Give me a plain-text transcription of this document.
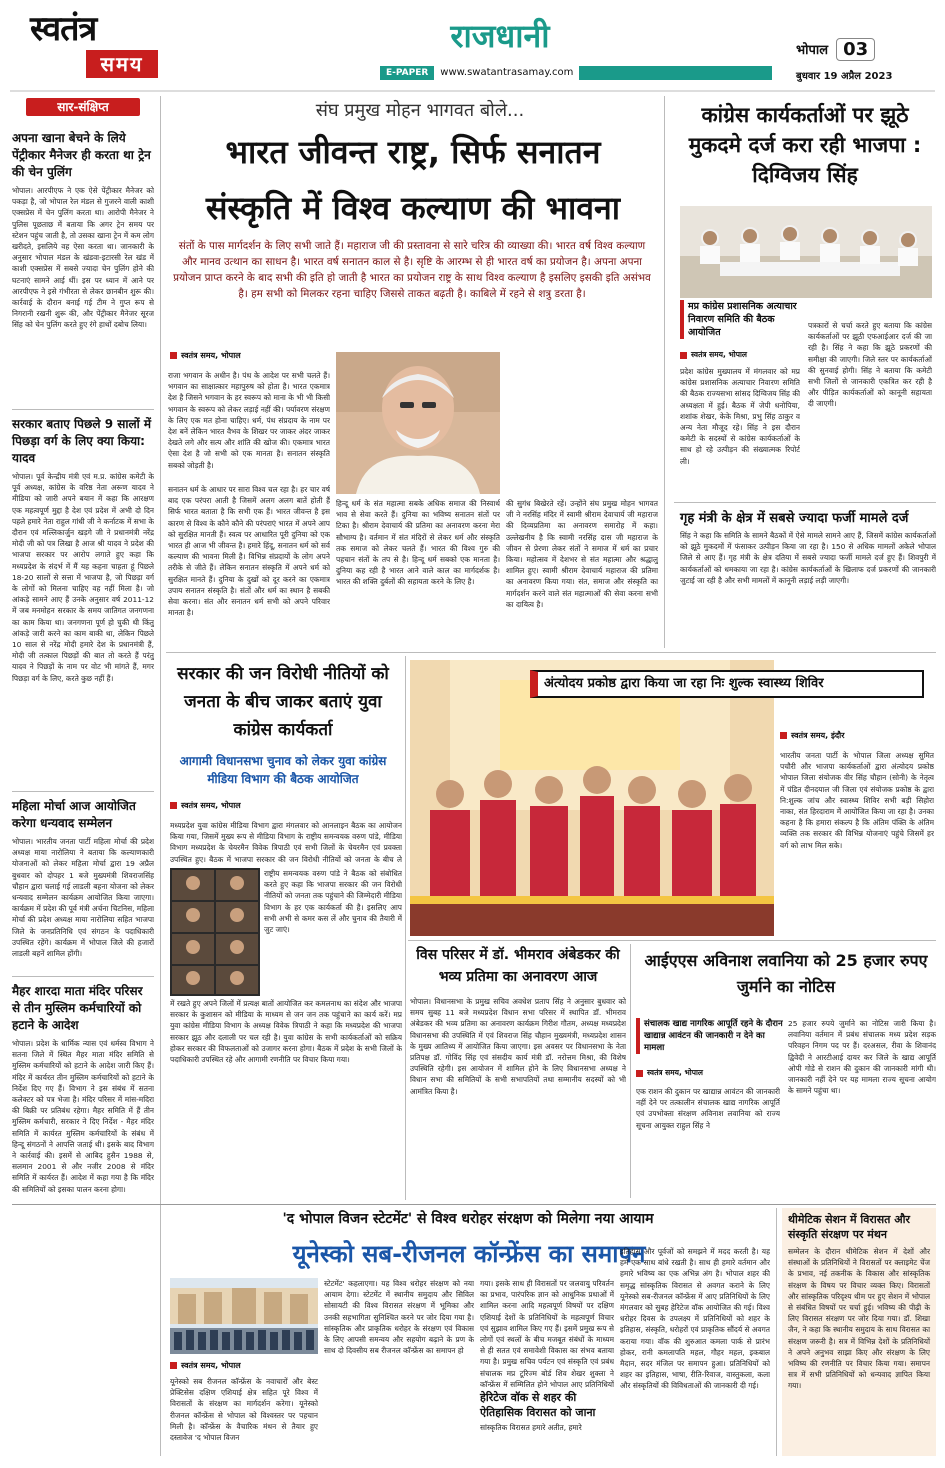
स्वतंत्र
समय
राजधानी
E-PAPER	www.swatantrasamay.com
भोपाल 03
बुधवार 19 अप्रैल 2023
सार-संक्षिप्त
अपना खाना बेचने के लिये पेंट्रीकार मैनेजर ही करता था ट्रेन की चेन पुलिंग
भोपाल। आरपीएफ ने एक ऐसे पेंट्रीकार मैनेजर को पकड़ा है, जो भोपाल रेल मंडल से गुजरने वाली काशी एक्सप्रेस में चेन पुलिंग करता था। आरोपी मैनेजर ने पुलिस पूछताछ में बताया कि अगर ट्रेन समय पर स्टेशन पहुंच जाती है, तो उसका खाना ट्रेन में कम लोग खरीदते, इसलिये वह ऐसा करता था। जानकारी के अनुसार भोपाल मंडल के खंडवा-इटारसी रेल खंड में काशी एक्सप्रेस में सबसे ज्यादा चेन पुलिंग होने की घटनाएं सामने आई थीं। इस पर ध्यान में आने पर आरपीएफ ने इसे गंभीरता से लेकर छानबीन शुरू की। कार्रवाई के दौरान बनाई गई टीम ने गुप्त रूप से निगरानी रखनी शुरू की, और पेंट्रीकार मैनेजर सूरज सिंह को चेन पुलिंग करते हुए रंगे हाथों दबोच लिया।
सरकार बताए पिछले 9 सालों में पिछड़ा वर्ग के लिए क्या किया: यादव
भोपाल। पूर्व केन्द्रीय मंत्री एवं म.प्र. कांग्रेस कमेटी के पूर्व अध्यक्ष, कांग्रेस के वरिष्ठ नेता अरूण यादव ने मीडिया को जारी अपने बयान में कहा कि आरक्षण एक महत्वपूर्ण मुद्दा है देश एवं प्रदेश में अभी दो दिन पहले हमारे नेता राहुल गांधी जी ने कर्नाटक में सभा के दौरान एवं मल्लिकार्जुन खड़गे जी ने प्रधानमंत्री नरेंद्र मोदी जी को पत्र लिखा है आज श्री यादव ने प्रदेश की भाजपा सरकार पर आरोप लगाते हुए कहा कि मध्यप्रदेश के संदर्भ में मैं यह कहना चाहता हूं पिछले 18-20 सालों से सत्ता में भाजपा है, जो पिछड़ा वर्ग के लोगों को मिलना चाहिए वह नहीं मिला है। जो आंकड़े सामने आए हैं उनके अनुसार वर्ष 2011-12 में जब मनमोहन सरकार के समय जातिगत जनगणना का काम किया था। जनगणना पूर्ण हो चुकी थी किंतु आंकड़े जारी करने का काम बाकी था, लेकिन पिछले 10 साल से नरेंद्र मोदी हमारे देश के प्रधानमंत्री हैं, मोदी जी तत्काल पिछड़ों की बात तो करते हैं परंतु यादव ने पिछड़ों के नाम पर वोट भी मांगते हैं, मगर पिछड़ा वर्ग के लिए, करते कुछ नहीं हैं।
महिला मोर्चा आज आयोजित करेगा धन्यवाद सम्मेलन
भोपाल। भारतीय जनता पार्टी महिला मोर्चा की प्रदेश अध्यक्ष माया नारोलिया ने बताया कि कल्याणकारी योजनाओं को लेकर महिला मोर्चा द्वारा 19 अप्रैल बुधवार को दोपहर 1 बजे मुख्यमंत्री शिवराजसिंह चौहान द्वारा चलाई गई लाडली बहना योजना को लेकर धन्यवाद सम्मेलन कार्यक्रम आयोजित किया जाएगा। कार्यक्रम में प्रदेश की पूर्व मंत्री अर्चना चिटनिस, महिला मोर्चा की प्रदेश अध्यक्ष माया नारोलिया सहित भाजपा जिले के जनप्रतिनिधि एवं संगठन के पदाधिकारी उपस्थित रहेंगे। कार्यक्रम में भोपाल जिले की हजारों लाडली बहनें शामिल होंगी।
मैहर शारदा माता मंदिर परिसर से तीन मुस्लिम कर्मचारियों को हटाने के आदेश
भोपाल। प्रदेश के धार्मिक न्यास एवं धर्मस्व विभाग ने सतना जिले में स्थित मैहर माता मंदिर समिति से मुस्लिम कर्मचारियों को हटाने के आदेश जारी किए हैं। मंदिर में कार्यरत तीन मुस्लिम कर्मचारियों को हटाने के निर्देश दिए गए हैं। विभाग ने इस संबंध में सतना कलेक्टर को पत्र भेजा है। मंदिर परिसर में मांस-मदिरा की बिक्री पर प्रतिबंध रहेगा। मैहर समिति में हैं तीन मुस्लिम कर्मचारी, सरकार ने दिए निर्देश - मैहर मंदिर समिति में कार्यरत मुस्लिम कर्मचारियों के संबंध में हिन्दू संगठनों ने आपत्ति जताई थी। इसके बाद विभाग ने कार्रवाई की। इसमें से आबिद हुसैन 1988 से, सलमान 2001 से और नजीर 2008 से मंदिर समिति में कार्यरत हैं। आदेश में कहा गया है कि मंदिर की समितियों को इसका पालन करना होगा।
संघ प्रमुख मोहन भागवत बोले...
भारत जीवन्त राष्ट्र, सिर्फ सनातन
संस्कृति में विश्व कल्याण की भावना
संतों के पास मार्गदर्शन के लिए सभी जाते हैं। महाराज जी की प्रस्तावना से सारे चरित्र की व्याख्या की। भारत वर्ष विश्व कल्याण और मानव उत्थान का साधन है। भारत वर्ष सनातन काल से है। सृष्टि के आरम्भ से ही भारत वर्ष का प्रयोजन है। अपना अपना प्रयोजन प्राप्त करने के बाद सभी की इति हो जाती है भारत का प्रयोजन राष्ट्र के साथ विश्व कल्याण है इसलिए इसकी इति असंभव है। हम सभी को मिलकर रहना चाहिए जिससे ताकत बढ़ती है। काबिले में रहने से शत्रु डरता है।
स्वतंत्र समय, भोपाल
राजा भगवान के अधीन है। पंथ के आदेश पर सभी चलते हैं। भगवान का साक्षात्कार महापुरुष को होता है। भारत एकमात्र देश है जिसने भगवान के हर स्वरूप को माना के भी भी किसी भगवान के स्वरूप को लेकर लड़ाई नहीं की। पर्यावरण संरक्षण के लिए एक मत होना चाहिए। धर्म, पंथ संप्रदाय के नाम पर देश बनें लेकिन भारत वैभव के शिखर पर जाकर अंदर जाकर देखते लगे और सत्य और शांति की खोज की। एकमात्र भारत ऐसा देश है जो सभी को एक मानता है। सनातन संस्कृति सबको जोड़ती है।
सनातन धर्म के आधार पर सारा विश्व चल रहा है। हर चार वर्ष बाद एक परंपरा आती है जिसमें अलग अलग बातें होती हैं सिर्फ भारत बताता है कि सभी एक हैं। भारत जीवन्त है इस कारण से विश्व के कौने कौने की परंपराएं भारत में अपने आप को सुरक्षित मानती हैं। स्वत्व पर आधारित पूरी दुनिया को एक भारत ही आज भी जीवन्त है। हमारे हिंदू, सनातन धर्म को सर्व कल्याण की भावना मिली है। विभिन्न संप्रदायों के लोग अपने तरीके से जीते हैं। लेकिन सनातन संस्कृति में अपने धर्म को सुरक्षित मानते हैं। दुनिया के दुखों को दूर करने का एकमात्र उपाय सनातन संस्कृति है। संतों और धर्म का स्थान है सबकी सेवा करना। संत और सनातन धर्म सभी को अपने परिवार मानता है।
हिन्दू धर्म के संत महात्मा सबके अधिक समाज की निस्वार्थ भाव से सेवा करते हैं। दुनिया का भविष्य सनातन संतों पर टिका है। श्रीराम देवाचार्य की प्रतिमा का अनावरण करना मेरा सौभाग्य है। वर्तमान में संत मंदिरों से लेकर धर्म और संस्कृति तक समाज को लेकर चलते हैं। भारत की विश्व गुरु की पहचान संतों के तप से है। हिन्दू धर्म सबको एक मानता है। दुनिया कह रही है भारत आने वाले काल का मार्गदर्शक है। भारत की शक्ति दुर्बलों की सहायता करने के लिए है।
की सुगंध बिखेरते रहें। उन्होंने संघ प्रमुख मोहन भागवत जी ने नरसिंह मंदिर में स्वामी श्रीराम देवाचार्य जी महाराज की दिव्यप्रतिमा का अनावरण समारोह में कहा। उल्लेखनीय है कि स्वामी नरसिंह दास जी महाराज के जीवन से प्रेरणा लेकर संतों ने समाज में धर्म का प्रचार किया। महोत्सव में देशभर से संत महात्मा और श्रद्धालु शामिल हुए। स्वामी श्रीराम देवाचार्य महाराज की प्रतिमा का अनावरण किया गया। संत, समाज और संस्कृति का मार्गदर्शन करने वाले संत महात्माओं की सेवा करना सभी का दायित्व है।
कांग्रेस कार्यकर्ताओं पर झूठे मुकदमे दर्ज करा रही भाजपा : दिग्विजय सिंह
मप्र कांग्रेस प्रशासनिक अत्याचार निवारण समिति की बैठक आयोजित
स्वतंत्र समय, भोपाल
प्रदेश कांग्रेस मुख्यालय में मंगलवार को मप्र कांग्रेस प्रशासनिक अत्याचार निवारण समिति की बैठक राज्यसभा सांसद दिग्विजय सिंह की अध्यक्षता में हुई। बैठक में जेपी धनोपिया, शशांक शेखर, केके मिश्रा, प्रभु सिंह ठाकुर व अन्य नेता मौजूद रहे। सिंह ने इस दौरान कमेटी के सदस्यों से कांग्रेस कार्यकर्ताओं के साथ हो रहे उत्पीड़न की संख्यात्मक रिपोर्ट ली।
पत्रकारों से चर्चा करते हुए बताया कि कांग्रेस कार्यकर्ताओं पर झूठी एफआईआर दर्ज की जा रही है। सिंह ने कहा कि झूठे प्रकरणों की समीक्षा की जाएगी। जिले स्तर पर कार्यकर्ताओं की सुनवाई होगी। सिंह ने बताया कि कमेटी सभी जिलों से जानकारी एकत्रित कर रही है और पीड़ित कार्यकर्ताओं को कानूनी सहायता दी जाएगी।
गृह मंत्री के क्षेत्र में सबसे ज्यादा फर्जी मामले दर्ज
सिंह ने कहा कि समिति के सामने बैठकों में ऐसे मामले सामने आए हैं, जिसमें कांग्रेस कार्यकर्ताओं को झूठे मुकदमों में फंसाकर उत्पीड़न किया जा रहा है। 150 से अधिक मामलों अकेले भोपाल जिले से आए हैं। गृह मंत्री के क्षेत्र दतिया में सबसे ज्यादा फर्जी मामले दर्ज हुए हैं। शिवपुरी में कार्यकर्ताओं को धमकाया जा रहा है। कांग्रेस कार्यकर्ताओं के खिलाफ दर्ज प्रकरणों की जानकारी जुटाई जा रही है और सभी मामलों में कानूनी लड़ाई लड़ी जाएगी।
सरकार की जन विरोधी नीतियों को जनता के बीच जाकर बताएं युवा कांग्रेस कार्यकर्ता
आगामी विधानसभा चुनाव को लेकर युवा कांग्रेस मीडिया विभाग की बैठक आयोजित
स्वतंत्र समय, भोपाल
मध्यप्रदेश युवा कांग्रेस मीडिया विभाग द्वारा मंगलवार को आनलाइन बैठक का आयोजन किया गया, जिसमें मुख्य रूप से मीडिया विभाग के राष्ट्रीय समन्वयक वरुण पांडे, मीडिया विभाग मध्यप्रदेश के चेयरमैन विवेक त्रिपाठी एवं सभी जिलों के चेयरमैन एवं प्रवक्ता उपस्थित हुए। बैठक में भाजपा सरकार की जन विरोधी नीतियों को जनता के बीच ले
राष्ट्रीय समन्वयक वरुण पांडे ने बैठक को संबोधित करते हुए कहा कि भाजपा सरकार की जन विरोधी नीतियों को जनता तक पहुंचाने की जिम्मेदारी मीडिया विभाग के हर एक कार्यकर्ता की है। इसलिए आप सभी अभी से कमर कस लें और चुनाव की तैयारी में जुट जाएं।
में रखते हुए अपने जिलों में प्रत्यक्ष बातों आयोजित कर कमलनाथ का संदेश और भाजपा सरकार के कुशासन को मीडिया के माध्यम से जन जन तक पहुंचाने का कार्य करें। मप्र युवा कांग्रेस मीडिया विभाग के अध्यक्ष विवेक त्रिपाठी ने कहा कि मध्यप्रदेश की भाजपा सरकार झूठ और दलाली पर चल रही है। युवा कांग्रेस के सभी कार्यकर्ताओं को सक्रिय होकर सरकार की विफलताओं को उजागर करना होगा। बैठक में प्रदेश के सभी जिलों के पदाधिकारी उपस्थित रहे और आगामी रणनीति पर विचार किया गया।
अंत्योदय प्रकोष्ठ द्वारा किया जा रहा निः शुल्क स्वास्थ्य शिविर
स्वतंत्र समय, इंदौर
भारतीय जनता पार्टी के भोपाल जिला अध्यक्ष सुमित पचौरी और भाजपा कार्यकर्ताओं द्वारा अंत्योदय प्रकोष्ठ भोपाल जिला संयोजक वीर सिंह चौहान (सोनी) के नेतृत्व में पंडित दीनदयाल जी जिला एवं संयोजक प्रकोष्ठ के द्वारा नि:शुल्क जांच और स्वास्थ्य शिविर सभी बड़ी सिहोरा नाका, संत हिरदाराम में आयोजित किया जा रहा है। उनका कहना है कि हमारा संकल्प है कि अंतिम पंक्ति के अंतिम व्यक्ति तक सरकार की विभिन्न योजनाएं पहुंचे जिसमें हर वर्ग को लाभ मिल सके।
विस परिसर में डॉ. भीमराव अंबेडकर की भव्य प्रतिमा का अनावरण आज
भोपाल। विधानसभा के प्रमुख सचिव अवधेश प्रताप सिंह ने अनुसार बुधवार को समय सुबह 11 बजे मध्यप्रदेश विधान सभा परिसर में स्थापित डॉ. भीमराव अंबेडकर की भव्य प्रतिमा का अनावरण कार्यक्रम गिरीश गौतम, अध्यक्ष मध्यप्रदेश विधानसभा की उपस्थिति में एवं शिवराज सिंह चौहान मुख्यमंत्री, मध्यप्रदेश शासन के मुख्य आतिथ्य में आयोजित किया जाएगा। इस अवसर पर विधानसभा के नेता प्रतिपक्ष डॉ. गोविंद सिंह एवं संसदीय कार्य मंत्री डॉ. नरोत्तम मिश्रा, की विशेष उपस्थिति रहेगी। इस आयोजन में शामिल होने के लिए विधानसभा अध्यक्ष ने विधान सभा की समितियों के सभी सभापतियों तथा सम्मानीय सदस्यों को भी आमंत्रित किया है।
आईएएस अविनाश लवानिया को 25 हजार रुपए जुर्माने का नोटिस
संचालक खाद्य नागरिक आपूर्ति रहने के दौरान खाद्यान्न आवंटन की जानकारी न देने का मामला
स्वतंत्र समय, भोपाल
एक राशन की दुकान पर खाद्यान्न आवंटन की जानकारी नहीं देने पर तत्कालीन संचालक खाद्य नागरिक आपूर्ति एवं उपभोक्ता संरक्षण अविनाश लवानिया को राज्य सूचना आयुक्त राहुल सिंह ने
25 हजार रुपये जुर्माने का नोटिस जारी किया है। लवानिया वर्तमान में प्रबंध संचालक मध्य प्रदेश सड़क परिवहन निगम पद पर हैं। दरअसल, रीवा के शिवानंद द्विवेदी ने आरटीआई दायर कर जिले के खाद्य आपूर्ति ओपी गोडे से राशन की दुकान की जानकारी मांगी थी। जानकारी नहीं देने पर यह मामला राज्य सूचना आयोग के सामने पहुंचा था।
'द भोपाल विजन स्टेटमेंट' से विश्व धरोहर संरक्षण को मिलेगा नया आयाम
यूनेस्को सब-रीजनल कॉन्फ्रेंस का समापन
स्वतंत्र समय, भोपाल
यूनेस्को सब रीजनल कॉन्फ्रेंस के नवाचारों और बेस्ट प्रेक्टिसेस दक्षिण एशियाई क्षेत्र सहित पूरे विश्व में विरासतों के संरक्षण का मार्गदर्शन करेगा। यूनेस्को रीजनल कॉन्फ्रेंस से भोपाल को विश्वस्तर पर पहचान मिली है। कॉन्फ्रेंस के वैचारिक मंथन से तैयार हुए दस्तावेज 'द भोपाल विजन
स्टेटमेंट' कहलाएगा। यह विश्व धरोहर संरक्षण को नया आयाम देगा। स्टेटमेंट में स्थानीय समुदाय और सिविल सोसायटी की विश्व विरासत संरक्षण में भूमिका और उनकी सहभागिता सुनिश्चित करने पर जोर दिया गया है। सांस्कृतिक और प्राकृतिक धरोहर के संरक्षण एवं विकास के लिए आपसी समन्वय और सहयोग बढ़ाने के प्रण के साथ दो दिवसीय सब रीजनल कॉन्फ्रेंस का समापन हो
गया। इसके साथ ही विरासतों पर जलवायु परिवर्तन का प्रभाव, पारंपरिक ज्ञान को आधुनिक प्रथाओं में शामिल करना आदि महत्वपूर्ण विषयों पर दक्षिण एशियाई देशों के प्रतिनिधियों के महत्वपूर्ण विचार एवं सुझाव शामिल किए गए हैं। इसमें प्रमुख रूप से लोगों एवं स्थलों के बीच मजबूत संबंधों के माध्यम से ही सतत एवं समावेशी विकास का संभव बताया गया है। प्रमुख सचिव पर्यटन एवं संस्कृति एवं प्रबंध संचालक मप्र टूरिज्म बोर्ड शिव शेखर शुक्ला ने कॉन्फ्रेंस में सम्मिलित होने भोपाल आए प्रतिनिधियों
हेरिटेज वॉक से शहर की ऐतिहासिक विरासत को जाना
सांस्कृतिक विरासत हमारे अतीत, हमारे
इतिहास और पूर्वजों को समझने में मदद करती है। यह हमें एक साथ बांधे रखती है। साथ ही हमारे वर्तमान और हमारे भविष्य का एक अभिन्न अंग है। भोपाल शहर की समृद्ध सांस्कृतिक विरासत से अवगत कराने के लिए यूनेस्को सब-रीजनल कॉन्फ्रेंस में आए प्रतिनिधियों के लिए मंगलवार को सुबह हेरिटेज वॉक आयोजित की गई। विश्व धरोहर दिवस के उपलक्ष्य में प्रतिनिधियों को शहर के इतिहास, संस्कृति, धरोहरों एवं प्राकृतिक सौंदर्य से अवगत कराया गया। वॉक की शुरुआत कमला पार्क से प्रारंभ होकर, रानी कमलापति महल, गौहर महल, इकबाल मैदान, सदर मंजिल पर समापन हुआ। प्रतिनिधियों को शहर का इतिहास, भाषा, रीति-रिवाज, वास्तुकला, कला और संस्कृतियों की विविधताओं की जानकारी दी गई।
थीमेटिक सेशन में विरासत और संस्कृति संरक्षण पर मंथन
सम्मेलन के दौरान थीमेटिक सेशन में देशों और संस्थाओं के प्रतिनिधियों ने विरासतों पर क्लाइमेट चेंज के प्रभाव, नई तकनीक के विकास और सांस्कृतिक संरक्षण के विषय पर विचार व्यक्त किए। विरासतों और सांस्कृतिक परिदृश्य थीम पर हुए सेशन में भोपाल से संबंधित विषयों पर चर्चा हुई। भविष्य की पीढ़ी के लिए विरासत संरक्षण पर जोर दिया गया। डॉ. शिखा जैन, ने कहा कि स्थानीय समुदाय के साथ विरासत का संरक्षण जरूरी है। सत्र में विभिन्न देशों के प्रतिनिधियों ने अपने अनुभव साझा किए और संरक्षण के लिए भविष्य की रणनीति पर विचार किया गया। समापन सत्र में सभी प्रतिनिधियों को धन्यवाद ज्ञापित किया गया।
